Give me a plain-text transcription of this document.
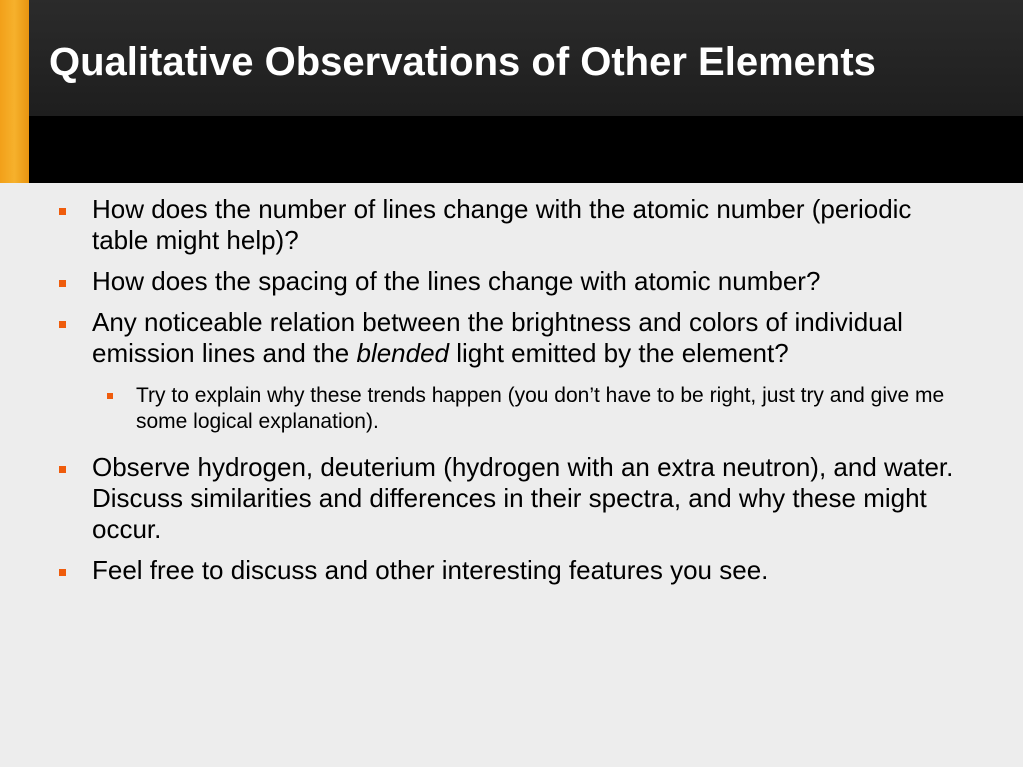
Qualitative Observations of Other Elements
How does the number of lines change with the atomic number (periodic table might help)?
How does the spacing of the lines change with atomic number?
Any noticeable relation between the brightness and colors of individual emission lines and the blended light emitted by the element?
Try to explain why these trends happen (you don’t have to be right, just try and give me some logical explanation).
Observe hydrogen, deuterium (hydrogen with an extra neutron), and water. Discuss similarities and differences in their spectra, and why these might occur.
Feel free to discuss and other interesting features you see.
